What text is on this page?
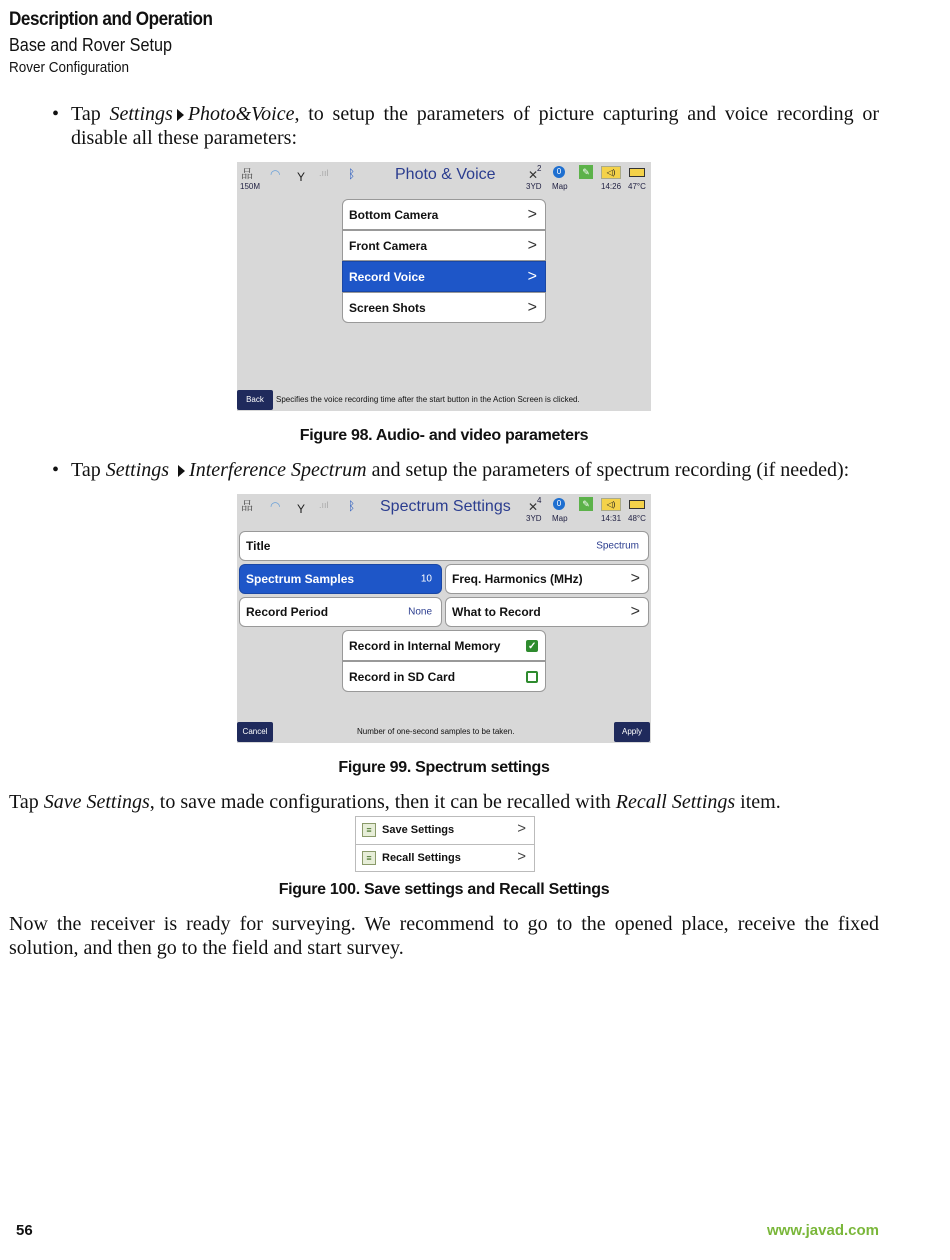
Description and Operation
Base and Rover Setup
Rover Configuration
• Tap Settings Photo&Voice, to setup the parameters of picture capturing and voice recording or
disable all these parameters:
品
150M
◠ Y .ııl ᛒ Photo & Voice	2
✕
3YD
0
Map
✎	◁)
14:26 47°C
Bottom Camera	>
Front Camera	>
Record Voice	>
Screen Shots	>
Back	Specifies the voice recording time after the start button in the Action Screen is clicked.
Figure 98. Audio- and video parameters
• Tap Settings Interference Spectrum and setup the parameters of spectrum recording (if needed):
品 ◠ Y .ııl ᛒ Spectrum Settings	4
✕
3YD
0
Map
✎	◁)
14:31 48°C
Title	Spectrum
Spectrum Samples	10 Freq. Harmonics (MHz)	>
Record Period	None What to Record	>
Record in Internal Memory	✓
Record in SD Card
Cancel	Number of one-second samples to be taken.	Apply
Figure 99. Spectrum settings
Tap Save Settings, to save made configurations, then it can be recalled with Recall Settings item.
≡ Save Settings	>
≡ Recall Settings	>
Figure 100. Save settings and Recall Settings
Now the receiver is ready for surveying. We recommend to go to the opened place, receive the fixed
solution, and then go to the field and start survey.
56	www.javad.com
